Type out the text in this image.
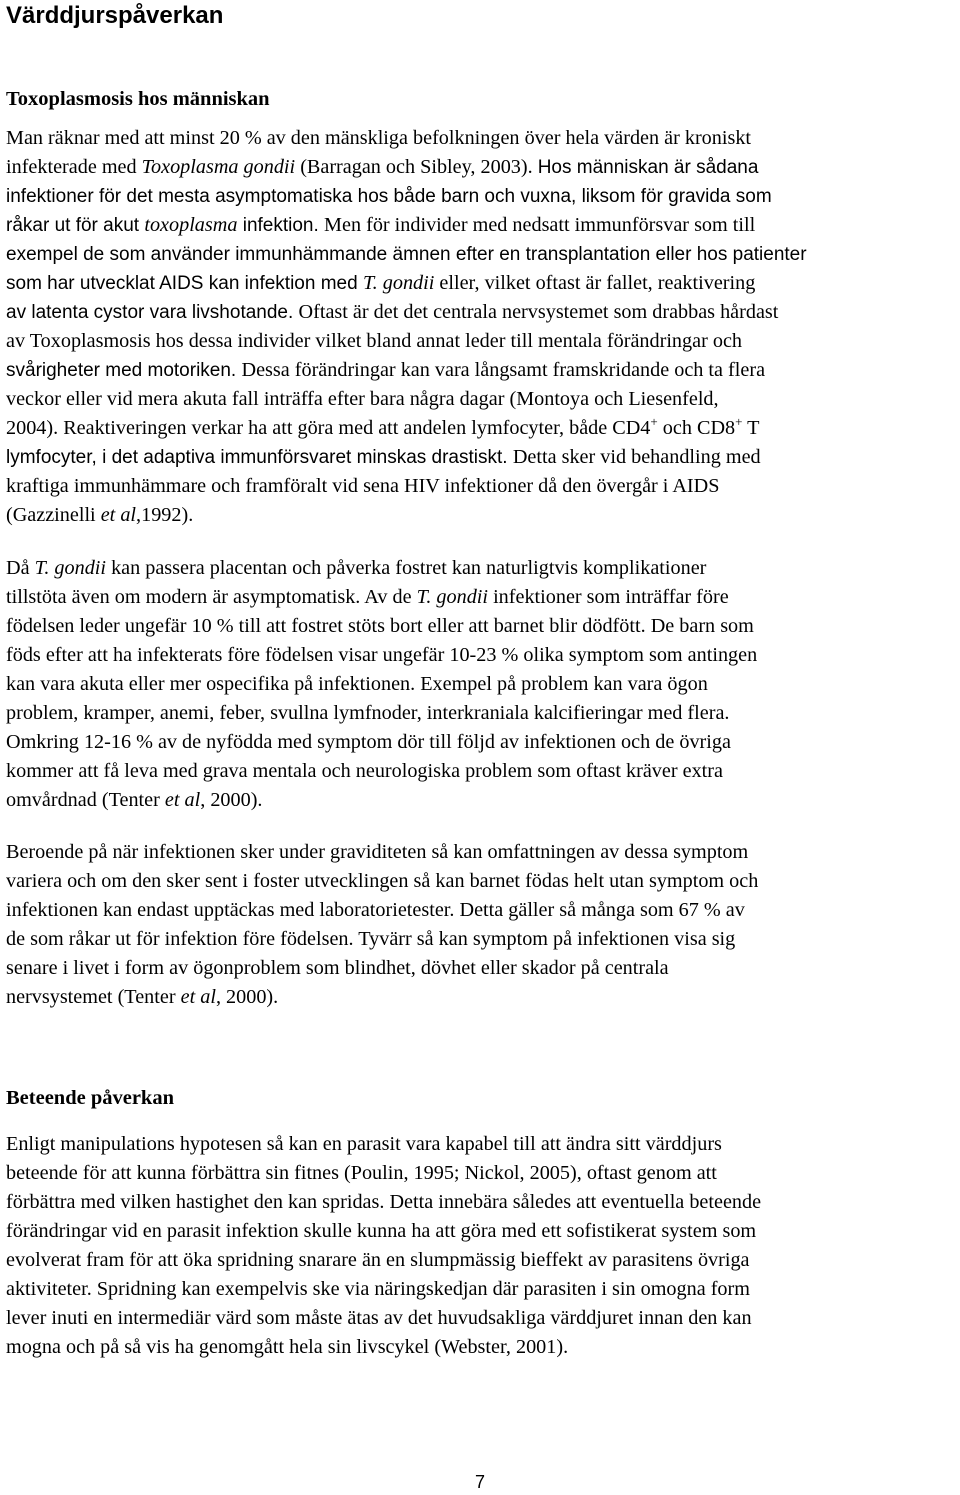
Värddjurspåverkan
Toxoplasmosis hos människan
Man räknar med att minst 20 % av den mänskliga befolkningen över hela värden är kroniskt
infekterade med Toxoplasma gondii (Barragan och Sibley, 2003). Hos människan är sådana
infektioner för det mesta asymptomatiska hos både barn och vuxna, liksom för gravida som
råkar ut för akut toxoplasma infektion. Men för individer med nedsatt immunförsvar som till
exempel de som använder immunhämmande ämnen efter en transplantation eller hos patienter
som har utvecklat AIDS kan infektion med T. gondii eller, vilket oftast är fallet, reaktivering
av latenta cystor vara livshotande. Oftast är det det centrala nervsystemet som drabbas hårdast
av Toxoplasmosis hos dessa individer vilket bland annat leder till mentala förändringar och
svårigheter med motoriken. Dessa förändringar kan vara långsamt framskridande och ta flera
veckor eller vid mera akuta fall inträffa efter bara några dagar (Montoya och Liesenfeld,
2004). Reaktiveringen verkar ha att göra med att andelen lymfocyter, både CD4+ och CD8+ T
lymfocyter, i det adaptiva immunförsvaret minskas drastiskt. Detta sker vid behandling med
kraftiga immunhämmare och framföralt vid sena HIV infektioner då den övergår i AIDS
(Gazzinelli et al,1992).
Då T. gondii kan passera placentan och påverka fostret kan naturligtvis komplikationer
tillstöta även om modern är asymptomatisk. Av de T. gondii infektioner som inträffar före
födelsen leder ungefär 10 % till att fostret stöts bort eller att barnet blir dödfött. De barn som
föds efter att ha infekterats före födelsen visar ungefär 10-23 % olika symptom som antingen
kan vara akuta eller mer ospecifika på infektionen. Exempel på problem kan vara ögon
problem, kramper, anemi, feber, svullna lymfnoder, interkraniala kalcifieringar med flera.
Omkring 12-16 % av de nyfödda med symptom dör till följd av infektionen och de övriga
kommer att få leva med grava mentala och neurologiska problem som oftast kräver extra
omvårdnad (Tenter et al, 2000).
Beroende på när infektionen sker under graviditeten så kan omfattningen av dessa symptom
variera och om den sker sent i foster utvecklingen så kan barnet födas helt utan symptom och
infektionen kan endast upptäckas med laboratorietester. Detta gäller så många som 67 % av
de som råkar ut för infektion före födelsen. Tyvärr så kan symptom på infektionen visa sig
senare i livet i form av ögonproblem som blindhet, dövhet eller skador på centrala
nervsystemet (Tenter et al, 2000).
Beteende påverkan
Enligt manipulations hypotesen så kan en parasit vara kapabel till att ändra sitt värddjurs
beteende för att kunna förbättra sin fitnes (Poulin, 1995; Nickol, 2005), oftast genom att
förbättra med vilken hastighet den kan spridas. Detta innebära således att eventuella beteende
förändringar vid en parasit infektion skulle kunna ha att göra med ett sofistikerat system som
evolverat fram för att öka spridning snarare än en slumpmässig bieffekt av parasitens övriga
aktiviteter. Spridning kan exempelvis ske via näringskedjan där parasiten i sin omogna form
lever inuti en intermediär värd som måste ätas av det huvudsakliga värddjuret innan den kan
mogna och på så vis ha genomgått hela sin livscykel (Webster, 2001).
7
